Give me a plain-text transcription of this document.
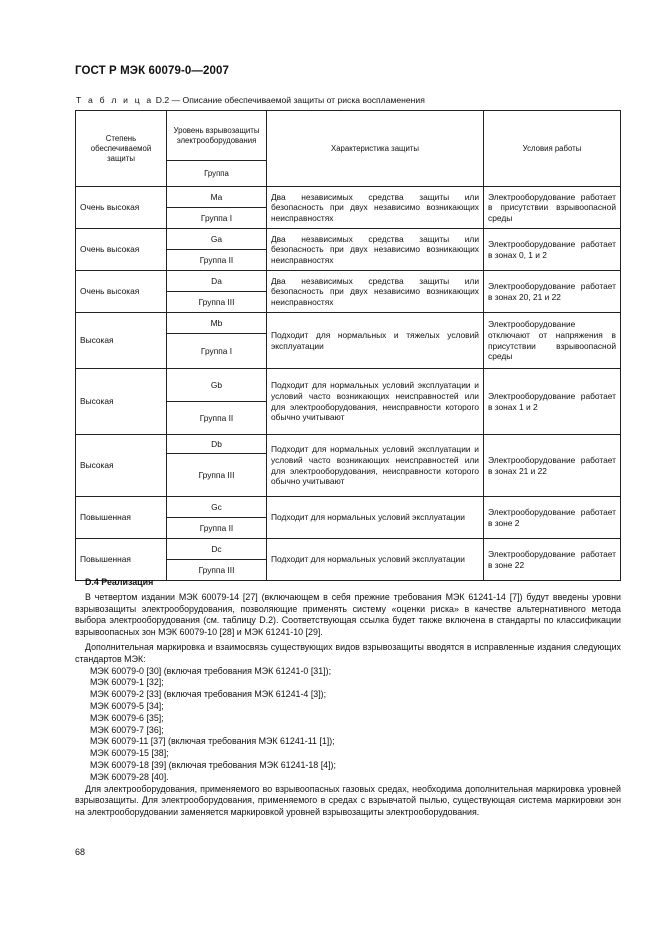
ГОСТ Р МЭК 60079-0—2007
Т а б л и ц а D.2 — Описание обеспечиваемой защиты от риска воспламенения
Степень обеспечиваемой защиты	Уровень взрывозащиты электрооборудования	Характеристика защиты	Условия работы
	Группа		
Очень высокая	Ma	Два независимых средства защиты или безопасность при двух независимо возникающих неисправностях	Электрооборудование работает в присутствии взрывоопасной среды
	Группа I		
Очень высокая	Ga	Два независимых средства защиты или безопасность при двух независимо возникающих неисправностях	Электрооборудование работает в зонах 0, 1 и 2
	Группа II		
Очень высокая	Da	Два независимых средства защиты или безопасность при двух независимо возникающих неисправностях	Электрооборудование работает в зонах 20, 21 и 22
	Группа III		
Высокая	Mb	Подходит для нормальных и тяжелых условий эксплуатации	Электрооборудование отключают от напряжения в присутствии взрывоопасной среды
	Группа I		
Высокая	Gb	Подходит для нормальных условий эксплуатации и условий часто возникающих неисправностей или для электрооборудования, неисправности которого обычно учитывают	Электрооборудование работает в зонах 1 и 2
	Группа II		
Высокая	Db	Подходит для нормальных условий эксплуатации и условий часто возникающих неисправностей или для электрооборудования, неисправности которого обычно учитывают	Электрооборудование работает в зонах 21 и 22
	Группа III		
Повышенная	Gc	Подходит для нормальных условий эксплуатации	Электрооборудование работает в зоне 2
	Группа II		
Повышенная	Dc	Подходит для нормальных условий эксплуатации	Электрооборудование работает в зоне 22
	Группа III		

D.4 Реализация

В четвертом издании МЭК 60079-14 [27] (включающем в себя прежние требования МЭК 61241-14 [7]) будут введены уровни взрывозащиты электрооборудования, позволяющие применять систему «оценки риска» в качестве альтернативного метода выбора электрооборудования (см. таблицу D.2). Соответствующая ссылка будет также включена в стандарты по классификации взрывоопасных зон МЭК 60079-10 [28] и МЭК 61241-10 [29].

Дополнительная маркировка и взаимосвязь существующих видов взрывозащиты вводятся в исправленные издания следующих стандартов МЭК:

МЭК 60079-0 [30] (включая требования МЭК 61241-0 [31]);

МЭК 60079-1 [32];

МЭК 60079-2 [33] (включая требования МЭК 61241-4 [3]);

МЭК 60079-5 [34];

МЭК 60079-6 [35];

МЭК 60079-7 [36];

МЭК 60079-11 [37] (включая требования МЭК 61241-11 [1]);

МЭК 60079-15 [38];

МЭК 60079-18 [39] (включая требования МЭК 61241-18 [4]);

МЭК 60079-28 [40].

Для электрооборудования, применяемого во взрывоопасных газовых средах, необходима дополнительная маркировка уровней взрывозащиты. Для электрооборудования, применяемого в средах с взрывчатой пылью, существующая система маркировки зон на электрооборудовании заменяется маркировкой уровней взрывозащиты электрооборудования.

68
